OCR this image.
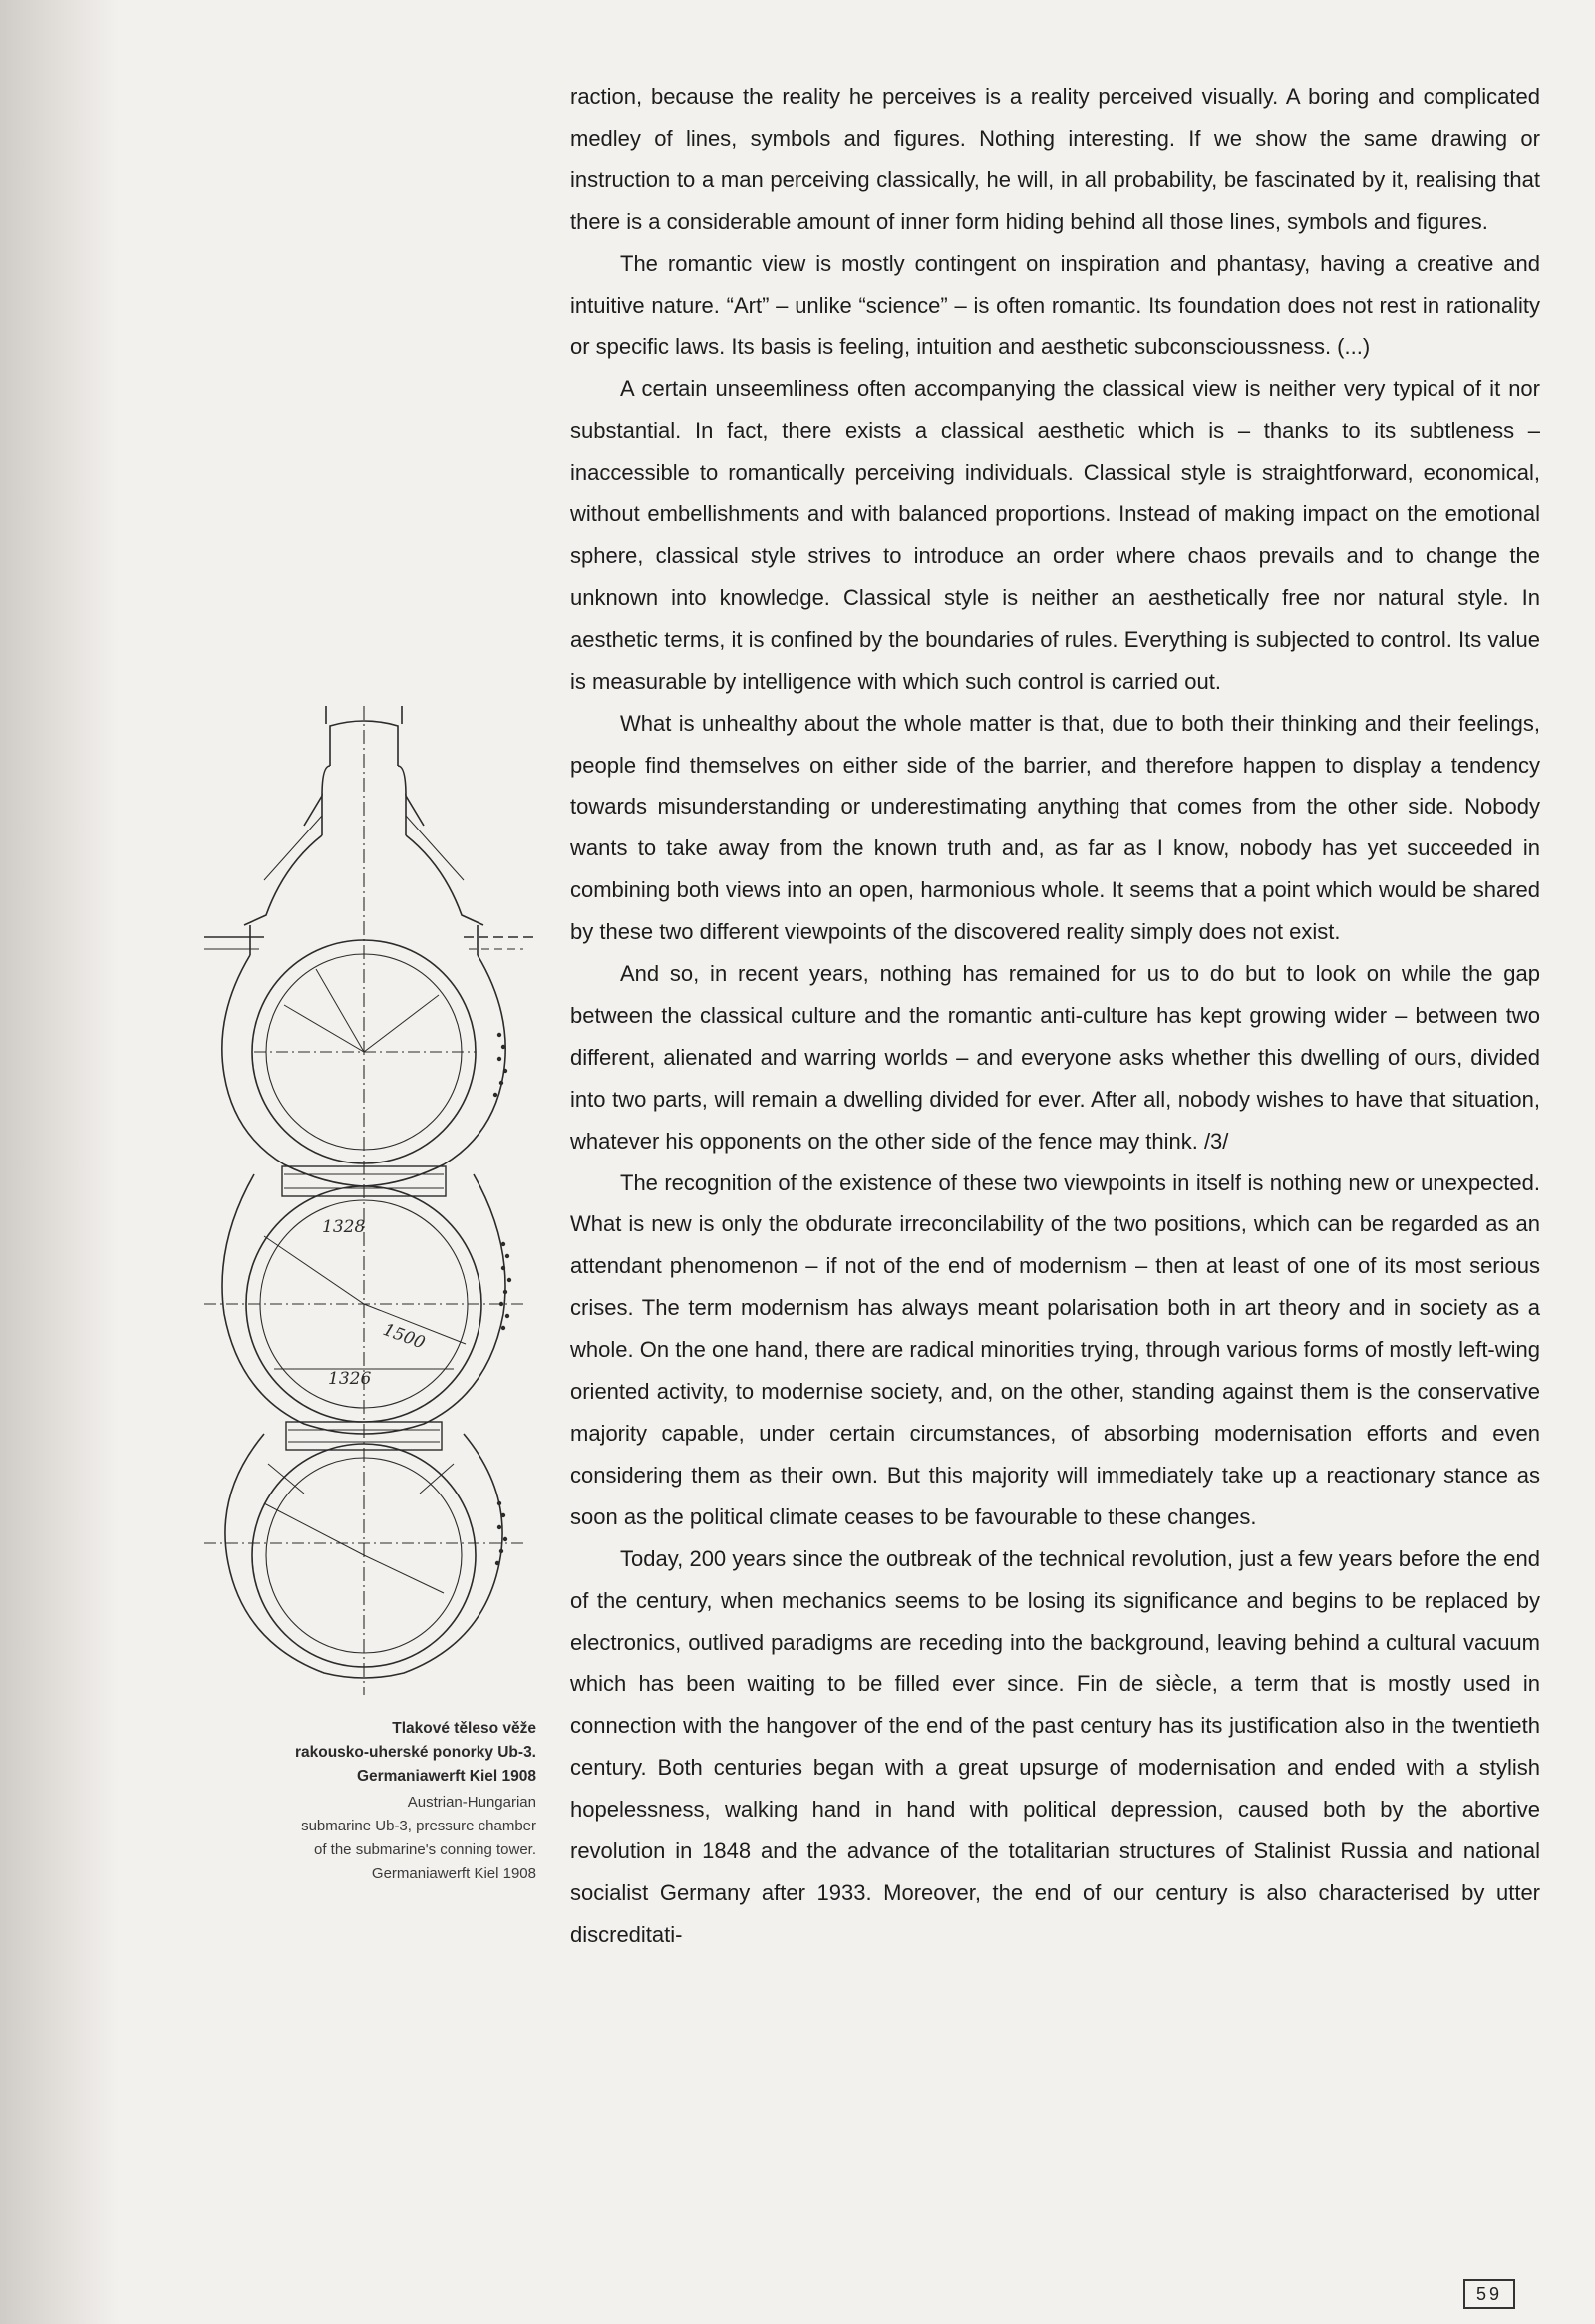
1328
1500
1326
Tlakové těleso věže
rakousko-uherské ponorky Ub-3.
Germaniawerft Kiel 1908
Austrian-Hungarian
submarine Ub-3, pressure chamber
of the submarine's conning tower.
Germaniawerft Kiel 1908

raction, because the reality he perceives is a reality perceived visually. A boring and complicated medley of lines, symbols and figures. Nothing interesting. If we show the same drawing or instruction to a man perceiving classically, he will, in all probability, be fascinated by it, realising that there is a considerable amount of inner form hiding behind all those lines, symbols and figures.

The romantic view is mostly contingent on inspiration and phantasy, having a creative and intuitive nature. “Art” – unlike “science” – is often romantic. Its foundation does not rest in rationality or specific laws. Its basis is feeling, intuition and aesthetic subconscioussness. (...)

A certain unseemliness often accompanying the classical view is neither very typical of it nor substantial. In fact, there exists a classical aesthetic which is – thanks to its subtleness – inaccessible to romantically perceiving individuals. Classical style is straightforward, economical, without embellishments and with balanced proportions. Instead of making impact on the emotional sphere, classical style strives to introduce an order where chaos prevails and to change the unknown into knowledge. Classical style is neither an aesthetically free nor natural style. In aesthetic terms, it is confined by the boundaries of rules. Everything is subjected to control. Its value is measurable by intelligence with which such control is carried out.

What is unhealthy about the whole matter is that, due to both their thinking and their feelings, people find themselves on either side of the barrier, and therefore happen to display a tendency towards misunderstanding or underestimating anything that comes from the other side. Nobody wants to take away from the known truth and, as far as I know, nobody has yet succeeded in combining both views into an open, harmonious whole. It seems that a point which would be shared by these two different viewpoints of the discovered reality simply does not exist.

And so, in recent years, nothing has remained for us to do but to look on while the gap between the classical culture and the romantic anti-culture has kept growing wider – between two different, alienated and warring worlds – and everyone asks whether this dwelling of ours, divided into two parts, will remain a dwelling divided for ever. After all, nobody wishes to have that situation, whatever his opponents on the other side of the fence may think. /3/

The recognition of the existence of these two viewpoints in itself is nothing new or unexpected. What is new is only the obdurate irreconcilability of the two positions, which can be regarded as an attendant phenomenon – if not of the end of modernism – then at least of one of its most serious crises. The term modernism has always meant polarisation both in art theory and in society as a whole. On the one hand, there are radical minorities trying, through various forms of mostly left-wing oriented activity, to modernise society, and, on the other, standing against them is the conservative majority capable, under certain circumstances, of absorbing modernisation efforts and even considering them as their own. But this majority will immediately take up a reactionary stance as soon as the political climate ceases to be favourable to these changes.

Today, 200 years since the outbreak of the technical revolution, just a few years before the end of the century, when mechanics seems to be losing its significance and begins to be replaced by electronics, outlived paradigms are receding into the background, leaving behind a cultural vacuum which has been waiting to be filled ever since. Fin de siècle, a term that is mostly used in connection with the hangover of the end of the past century has its justification also in the twentieth century. Both centuries began with a great upsurge of modernisation and ended with a stylish hopelessness, walking hand in hand with political depression, caused both by the abortive revolution in 1848 and the advance of the totalitarian structures of Stalinist Russia and national socialist Germany after 1933. Moreover, the end of our century is also characterised by utter discreditati-

59
